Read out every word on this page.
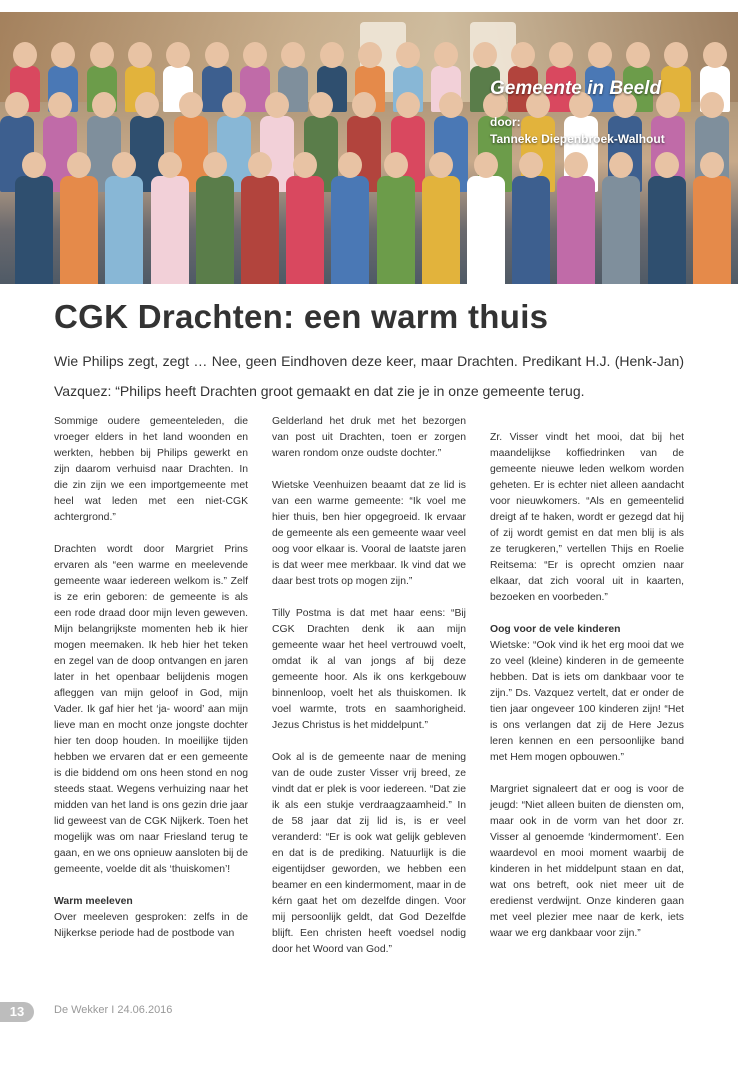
Gemeente in Beeld
door:
Tanneke Diepenbroek-Walhout
CGK Drachten: een warm thuis
Wie Philips zegt, zegt … Nee, geen Eindhoven deze keer, maar Drachten. Predikant H.J. (Henk-Jan) Vazquez: “Philips heeft Drachten groot gemaakt en dat zie je in onze gemeente terug.

Sommige oudere gemeenteleden, die vroeger elders in het land woonden en werkten, hebben bij Philips gewerkt en zijn daarom verhuisd naar Drachten. In die zin zijn we een importgemeente met heel wat leden met een niet-CGK achtergrond.”

Drachten wordt door Margriet Prins ervaren als “een warme en meelevende gemeente waar iedereen welkom is.” Zelf is ze erin geboren: de gemeente is als een rode draad door mijn leven geweven. Mijn belangrijkste momenten heb ik hier mogen meemaken. Ik heb hier het teken en zegel van de doop ontvangen en jaren later in het openbaar belijdenis mogen afleggen van mijn geloof in God, mijn Vader. Ik gaf hier het ‘ja- woord’ aan mijn lieve man en mocht onze jongste dochter hier ten doop houden. In moeilijke tijden hebben we ervaren dat er een gemeente is die biddend om ons heen stond en nog steeds staat. Wegens verhuizing naar het midden van het land is ons gezin drie jaar lid geweest van de CGK Nijkerk. Toen het mogelijk was om naar Friesland terug te gaan, en we ons opnieuw aansloten bij de gemeente, voelde dit als ‘thuiskomen’!

Warm meeleven

Over meeleven gesproken: zelfs in de Nijkerkse periode had de postbode van

Gelderland het druk met het bezorgen van post uit Drachten, toen er zorgen waren rondom onze oudste dochter.”

Wietske Veenhuizen beaamt dat ze lid is van een warme gemeente: “Ik voel me hier thuis, ben hier opgegroeid. Ik ervaar de gemeente als een gemeente waar veel oog voor elkaar is. Vooral de laatste jaren is dat weer mee merkbaar. Ik vind dat we daar best trots op mogen zijn.”

Tilly Postma is dat met haar eens: “Bij CGK Drachten denk ik aan mijn gemeente waar het heel vertrouwd voelt, omdat ik al van jongs af bij deze gemeente hoor. Als ik ons kerkgebouw binnenloop, voelt het als thuiskomen. Ik voel warmte, trots en saamhorigheid. Jezus Christus is het middelpunt.”

Ook al is de gemeente naar de mening van de oude zuster Visser vrij breed, ze vindt dat er plek is voor iedereen. “Dat zie ik als een stukje verdraagzaamheid.” In de 58 jaar dat zij lid is, is er veel veranderd: “Er is ook wat gelijk gebleven en dat is de prediking. Natuurlijk is die eigentijdser geworden, we hebben een beamer en een kindermoment, maar in de kérn gaat het om dezelfde dingen. Voor mij persoonlijk geldt, dat God Dezelfde blijft. Een christen heeft voedsel nodig door het Woord van God.”

Zr. Visser vindt het mooi, dat bij het maandelijkse koffiedrinken van de gemeente nieuwe leden welkom worden geheten. Er is echter niet alleen aandacht voor nieuwkomers. “Als en gemeentelid dreigt af te haken, wordt er gezegd dat hij of zij wordt gemist en dat men blij is als ze terugkeren,” vertellen Thijs en Roelie Reitsema: “Er is oprecht omzien naar elkaar, dat zich vooral uit in kaarten, bezoeken en voorbeden.”

Oog voor de vele kinderen

Wietske: “Ook vind ik het erg mooi dat we zo veel (kleine) kinderen in de gemeente hebben. Dat is iets om dankbaar voor te zijn.” Ds. Vazquez vertelt, dat er onder de tien jaar ongeveer 100 kinderen zijn! “Het is ons verlangen dat zij de Here Jezus leren kennen en een persoonlijke band met Hem mogen opbouwen.”

Margriet signaleert dat er oog is voor de jeugd: “Niet alleen buiten de diensten om, maar ook in de vorm van het door zr. Visser al genoemde ‘kindermoment’. Een waardevol en mooi moment waarbij de kinderen in het middelpunt staan en dat, wat ons betreft, ook niet meer uit de eredienst verdwijnt. Onze kinderen gaan met veel plezier mee naar de kerk, iets waar we erg dankbaar voor zijn.”

13	De Wekker I 24.06.2016
